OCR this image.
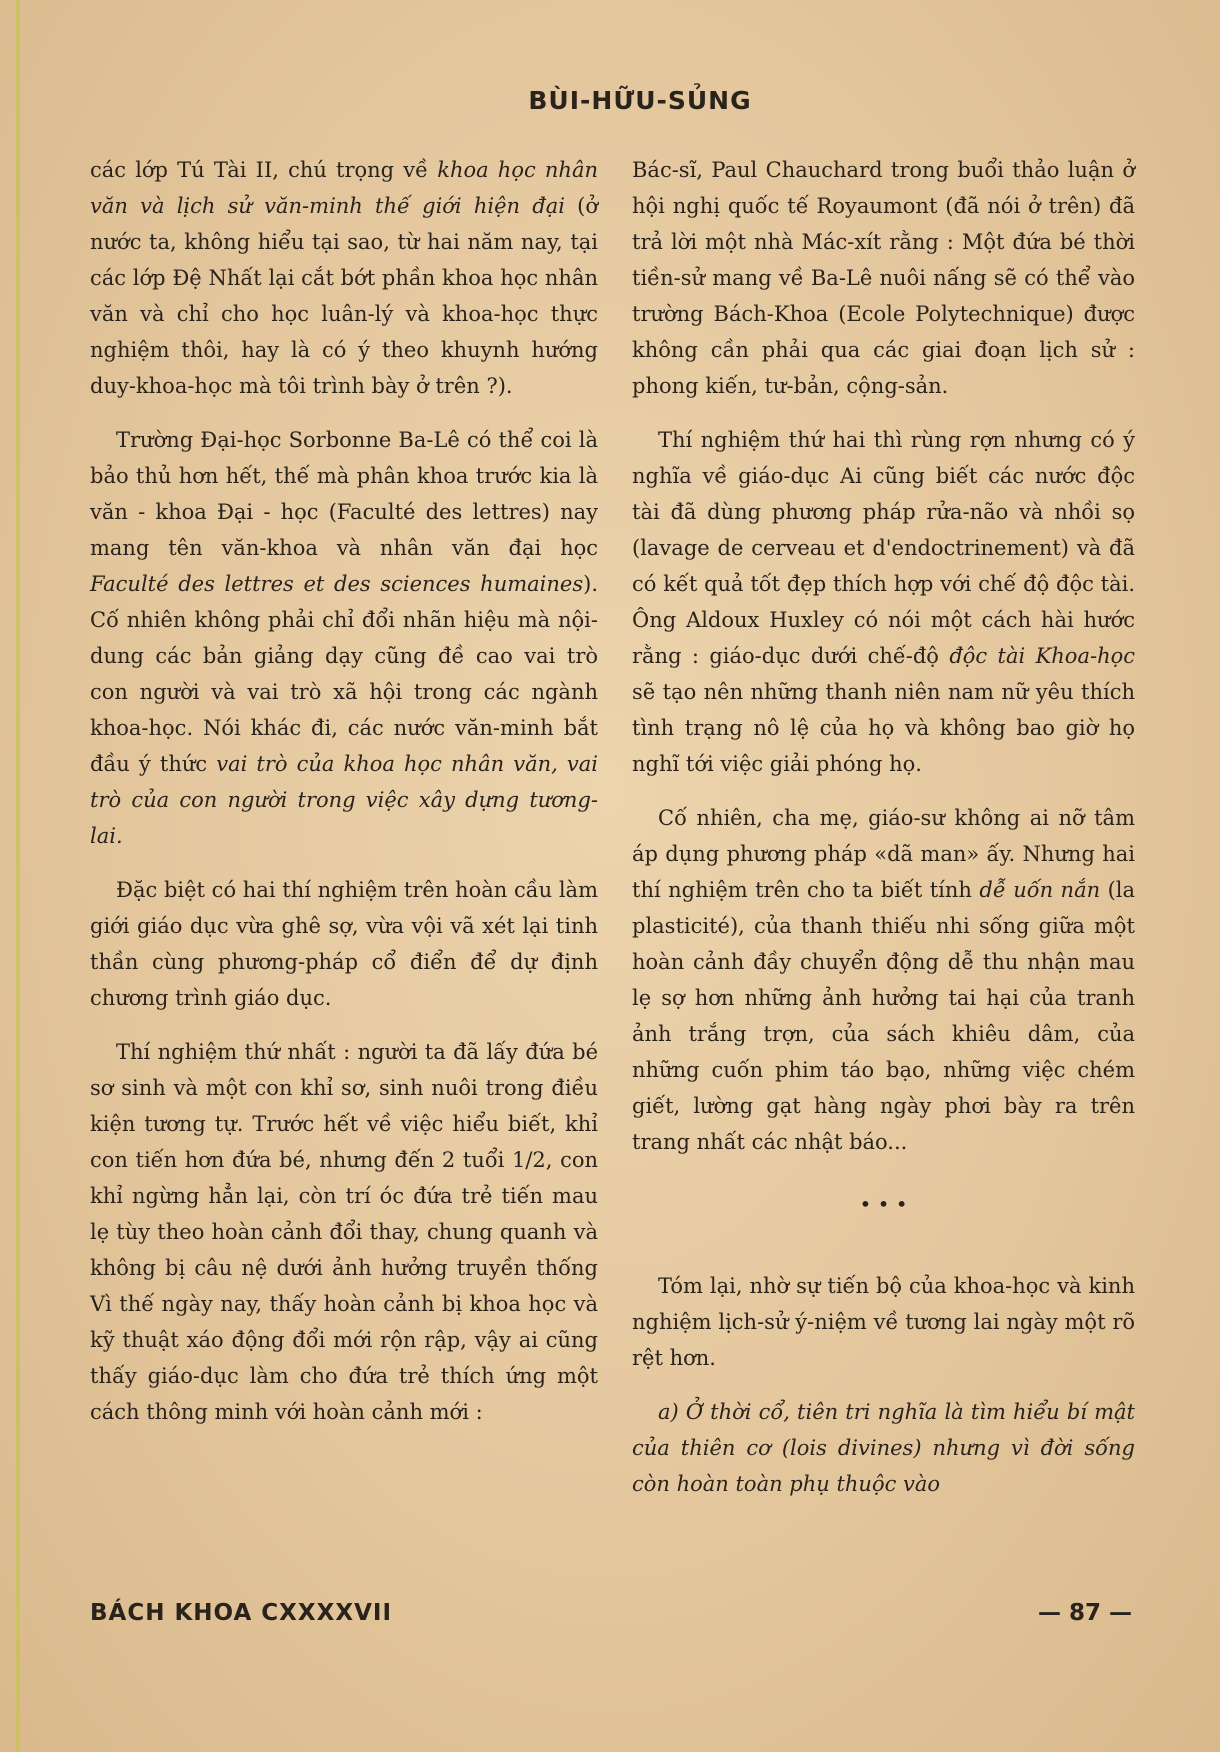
BÙI-HỮU-SỦNG

các lớp Tú Tài II, chú trọng về khoa học nhân văn và lịch sử văn-minh thế giới hiện đại (ở nước ta, không hiểu tại sao, từ hai năm nay, tại các lớp Đệ Nhất lại cắt bớt phần khoa học nhân văn và chỉ cho học luân-lý và khoa-học thực nghiệm thôi, hay là có ý theo khuynh hướng duy-khoa-học mà tôi trình bày ở trên ?).

Trường Đại-học Sorbonne Ba-Lê có thể coi là bảo thủ hơn hết, thế mà phân khoa trước kia là văn - khoa Đại - học (Faculté des lettres) nay mang tên văn-khoa và nhân văn đại học Faculté des lettres et des sciences humaines). Cố nhiên không phải chỉ đổi nhãn hiệu mà nội-dung các bản giảng dạy cũng đề cao vai trò con người và vai trò xã hội trong các ngành khoa-học. Nói khác đi, các nước văn-minh bắt đầu ý thức vai trò của khoa học nhân văn, vai trò của con người trong việc xây dựng tương-lai.

Đặc biệt có hai thí nghiệm trên hoàn cầu làm giới giáo dục vừa ghê sợ, vừa vội vã xét lại tinh thần cùng phương-pháp cổ điển để dự định chương trình giáo dục.

Thí nghiệm thứ nhất : người ta đã lấy đứa bé sơ sinh và một con khỉ sơ, sinh nuôi trong điều kiện tương tự. Trước hết về việc hiểu biết, khỉ con tiến hơn đứa bé, nhưng đến 2 tuổi 1/2, con khỉ ngừng hẳn lại, còn trí óc đứa trẻ tiến mau lẹ tùy theo hoàn cảnh đổi thay, chung quanh và không bị câu nệ dưới ảnh hưởng truyền thống Vì thế ngày nay, thấy hoàn cảnh bị khoa học và kỹ thuật xáo động đổi mới rộn rập, vậy ai cũng thấy giáo-dục làm cho đứa trẻ thích ứng một cách thông minh với hoàn cảnh mới :

Bác-sĩ, Paul Chauchard trong buổi thảo luận ở hội nghị quốc tế Royaumont (đã nói ở trên) đã trả lời một nhà Mác-xít rằng : Một đứa bé thời tiền-sử mang về Ba-Lê nuôi nấng sẽ có thể vào trường Bách-Khoa (Ecole Polytechnique) được không cần phải qua các giai đoạn lịch sử : phong kiến, tư-bản, cộng-sản.

Thí nghiệm thứ hai thì rùng rợn nhưng có ý nghĩa về giáo-dục Ai cũng biết các nước độc tài đã dùng phương pháp rửa-não và nhồi sọ (lavage de cerveau et d'endoctrinement) và đã có kết quả tốt đẹp thích hợp với chế độ độc tài. Ông Aldoux Huxley có nói một cách hài hước rằng : giáo-dục dưới chế-độ độc tài Khoa-học sẽ tạo nên những thanh niên nam nữ yêu thích tình trạng nô lệ của họ và không bao giờ họ nghĩ tới việc giải phóng họ.

Cố nhiên, cha mẹ, giáo-sư không ai nỡ tâm áp dụng phương pháp «dã man» ấy. Nhưng hai thí nghiệm trên cho ta biết tính dễ uốn nắn (la plasticité), của thanh thiếu nhi sống giữa một hoàn cảnh đầy chuyển động dễ thu nhận mau lẹ sợ hơn những ảnh hưởng tai hại của tranh ảnh trắng trợn, của sách khiêu dâm, của những cuốn phim táo bạo, những việc chém giết, lường gạt hàng ngày phơi bày ra trên trang nhất các nhật báo...

• • •

Tóm lại, nhờ sự tiến bộ của khoa-học và kinh nghiệm lịch-sử ý-niệm về tương lai ngày một rõ rệt hơn.

a) Ở thời cổ, tiên tri nghĩa là tìm hiểu bí mật của thiên cơ (lois divines) nhưng vì đời sống còn hoàn toàn phụ thuộc vào

BÁCH KHOA CXXXXVII	— 87 —
